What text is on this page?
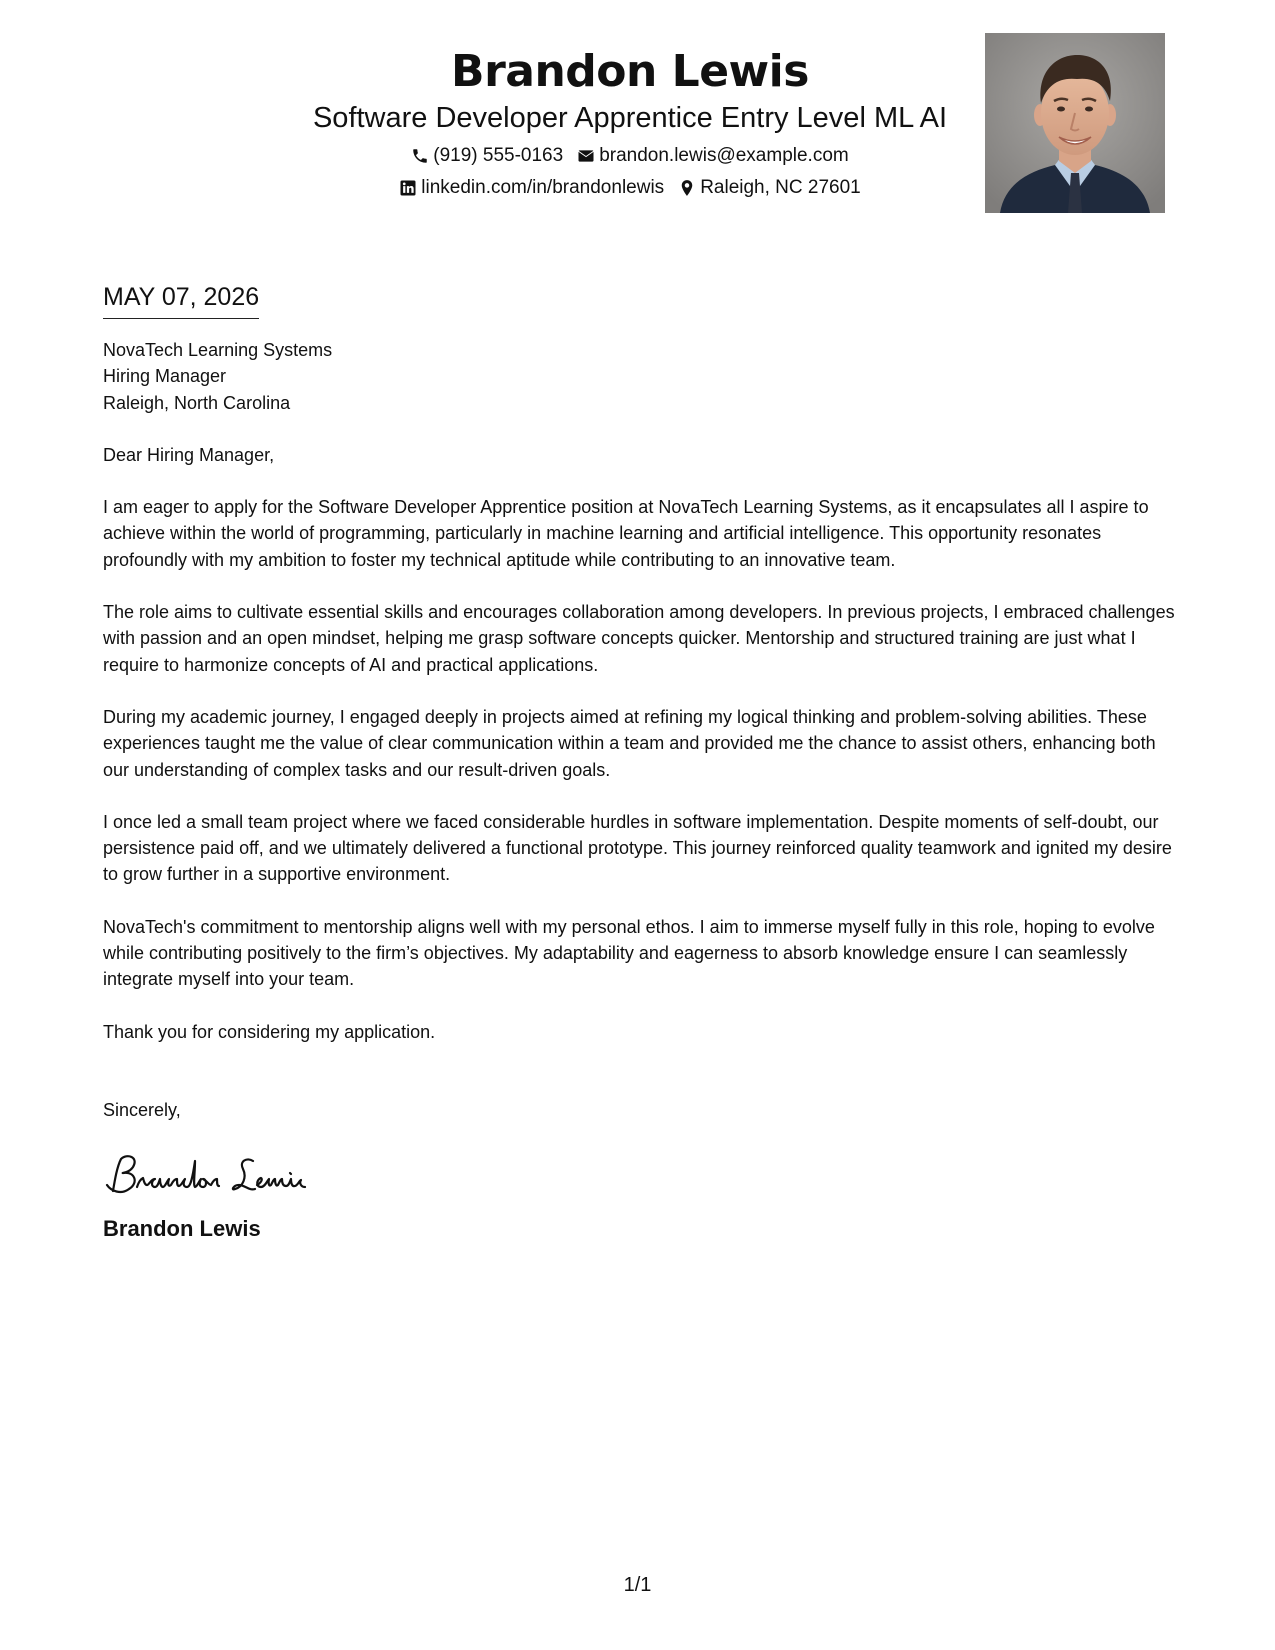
Brandon Lewis
Software Developer Apprentice Entry Level ML AI
(919) 555-0163 brandon.lewis@example.com
linkedin.com/in/brandonlewis Raleigh, NC 27601
MAY 07, 2026
NovaTech Learning Systems
Hiring Manager
Raleigh, North Carolina
Dear Hiring Manager,
I am eager to apply for the Software Developer Apprentice position at NovaTech Learning Systems, as it encapsulates all I aspire to achieve within the world of programming, particularly in machine learning and artificial intelligence. This opportunity resonates profoundly with my ambition to foster my technical aptitude while contributing to an innovative team.
The role aims to cultivate essential skills and encourages collaboration among developers. In previous projects, I embraced challenges with passion and an open mindset, helping me grasp software concepts quicker. Mentorship and structured training are just what I require to harmonize concepts of AI and practical applications.
During my academic journey, I engaged deeply in projects aimed at refining my logical thinking and problem-solving abilities. These experiences taught me the value of clear communication within a team and provided me the chance to assist others, enhancing both our understanding of complex tasks and our result-driven goals.
I once led a small team project where we faced considerable hurdles in software implementation. Despite moments of self-doubt, our persistence paid off, and we ultimately delivered a functional prototype. This journey reinforced quality teamwork and ignited my desire to grow further in a supportive environment.
NovaTech's commitment to mentorship aligns well with my personal ethos. I aim to immerse myself fully in this role, hoping to evolve while contributing positively to the firm’s objectives. My adaptability and eagerness to absorb knowledge ensure I can seamlessly integrate myself into your team.
Thank you for considering my application.
Sincerely,
Brandon Lewis
1/1
